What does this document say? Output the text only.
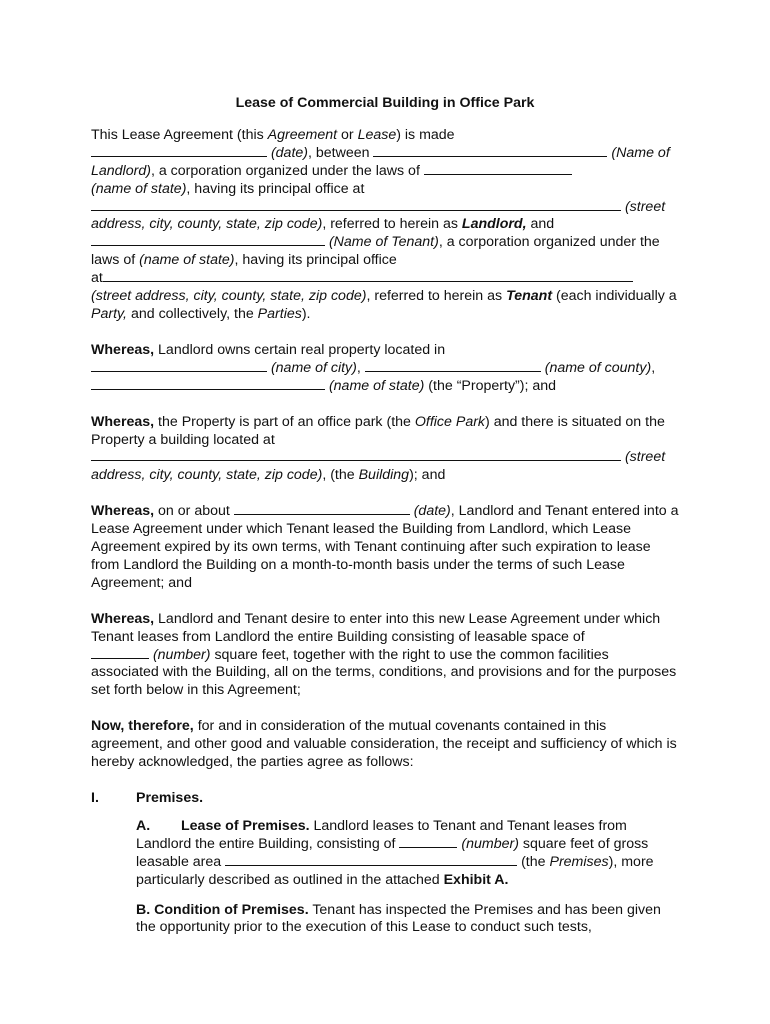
Lease of Commercial Building in Office Park

This Lease Agreement (this Agreement or Lease) is made
(date), between	(Name of Landlord), a corporation organized under the laws of
(name of state), having its principal office at
(street address, city, county, state, zip code), referred to herein as Landlord, and
(Name of Tenant), a corporation organized under the laws of (name of state), having its principal office
at
(street address, city, county, state, zip code), referred to herein as Tenant (each individually a Party, and collectively, the Parties).

Whereas, Landlord owns certain real property located in
(name of city),	(name of county),
(name of state) (the “Property”); and

Whereas, the Property is part of an office park (the Office Park) and there is situated on the Property a building located at
(street address, city, county, state, zip code), (the Building); and

Whereas, on or about	(date), Landlord and Tenant entered into a Lease Agreement under which Tenant leased the Building from Landlord, which Lease Agreement expired by its own terms, with Tenant continuing after such expiration to lease from Landlord the Building on a month-to-month basis under the terms of such Lease Agreement; and

Whereas, Landlord and Tenant desire to enter into this new Lease Agreement under which Tenant leases from Landlord the entire Building consisting of leasable space of
(number) square feet, together with the right to use the common facilities associated with the Building, all on the terms, conditions, and provisions and for the purposes set forth below in this Agreement;

Now, therefore, for and in consideration of the mutual covenants contained in this agreement, and other good and valuable consideration, the receipt and sufficiency of which is hereby acknowledged, the parties agree as follows:

I.	Premises.

A. Lease of Premises. Landlord leases to Tenant and Tenant leases from Landlord the entire Building, consisting of	(number) square feet of gross leasable area	(the Premises), more particularly described as outlined in the attached Exhibit A.

B. Condition of Premises. Tenant has inspected the Premises and has been given the opportunity prior to the execution of this Lease to conduct such tests,
